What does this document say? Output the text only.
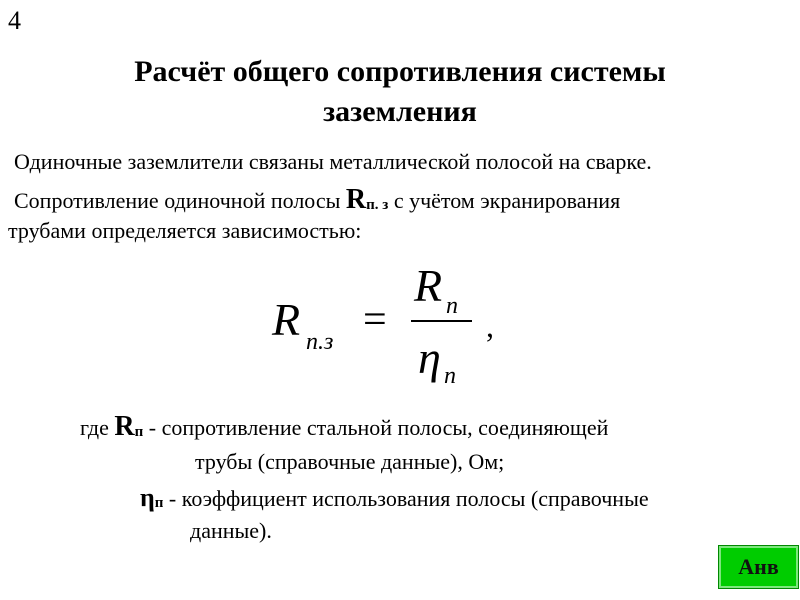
4
Расчёт общего сопротивления системы
заземления
Одиночные заземлители связаны металлической полосой на сварке.
Сопротивление одиночной полосы Rп. з с учётом экранирования
трубами определяется зависимостью:
R п.з =
R п
η п
,
где Rп - сопротивление стальной полосы, соединяющей
трубы (справочные данные), Ом;
ηп - коэффициент использования полосы (справочные
данные).
Анв
